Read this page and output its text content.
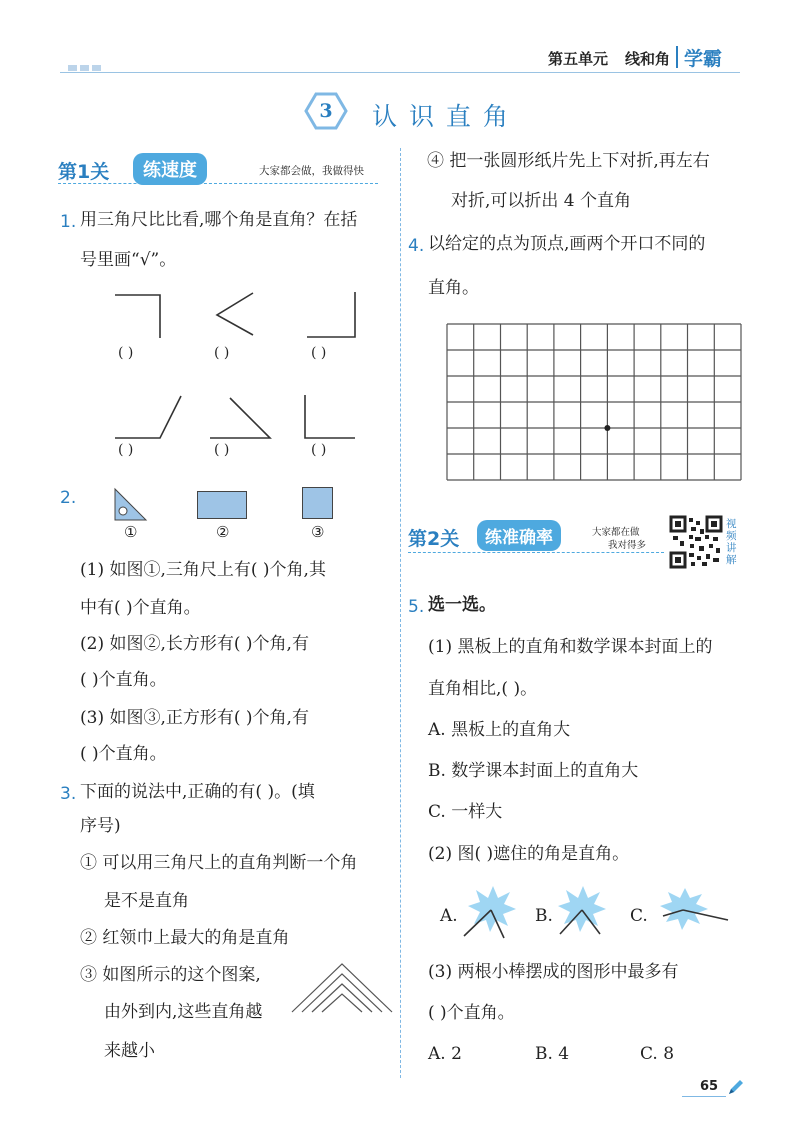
第五单元 线和角 学霸
3	认 识 直 角
第1关	练速度	大家都会做，我做得快
1. 用三角尺比比看,哪个角是直角？在括
号里画“√”。
( )	( )	( )
( )	( )	( )
2.
①	②	③
(1) 如图①,三角尺上有( )个角,其
中有( )个直角。
(2) 如图②,长方形有( )个角,有
( )个直角。
(3) 如图③,正方形有( )个角,有
( )个直角。
3. 下面的说法中,正确的有( )。(填
序号)
① 可以用三角尺上的直角判断一个角
是不是直角
② 红领巾上最大的角是直角
③ 如图所示的这个图案,
由外到内,这些直角越
来越小
④ 把一张圆形纸片先上下对折,再左右
对折,可以折出 4 个直角
4. 以给定的点为顶点,画两个开口不同的
直角。
第2关	练准确率	大家都在做
我对得多
视频讲解
5. 选一选。
(1) 黑板上的直角和数学课本封面上的
直角相比,( )。
A. 黑板上的直角大
B. 数学课本封面上的直角大
C. 一样大
(2) 图( )遮住的角是直角。
A.	B.	C.
(3) 两根小棒摆成的图形中最多有
( )个直角。
A. 2	B. 4	C. 8
65
